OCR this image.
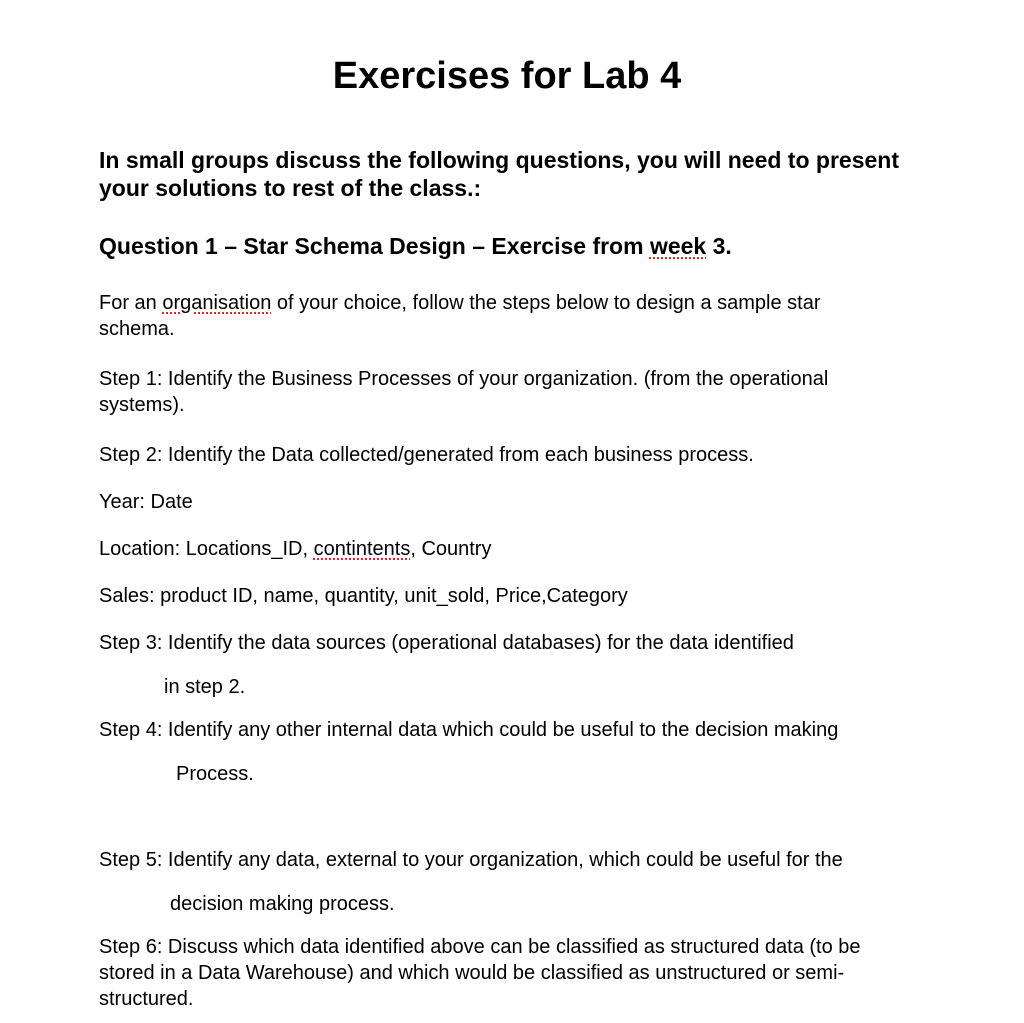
Exercises for Lab 4
In small groups discuss the following questions, you will need to present your solutions to rest of the class.:
Question 1 – Star Schema Design – Exercise from week 3.
For an organisation of your choice, follow the steps below to design a sample star schema.
Step 1: Identify the Business Processes of your organization. (from the operational systems).
Step 2: Identify the Data collected/generated from each business process.
Year: Date
Location: Locations_ID, contintents, Country
Sales: product ID, name, quantity, unit_sold, Price,Category
Step 3: Identify the data sources (operational databases) for the data identified
in step 2.
Step 4: Identify any other internal data which could be useful to the decision making
Process.
Step 5: Identify any data, external to your organization, which could be useful for the
decision making process.
Step 6: Discuss which data identified above can be classified as structured data (to be stored in a Data Warehouse) and which would be classified as unstructured or semi-structured.
